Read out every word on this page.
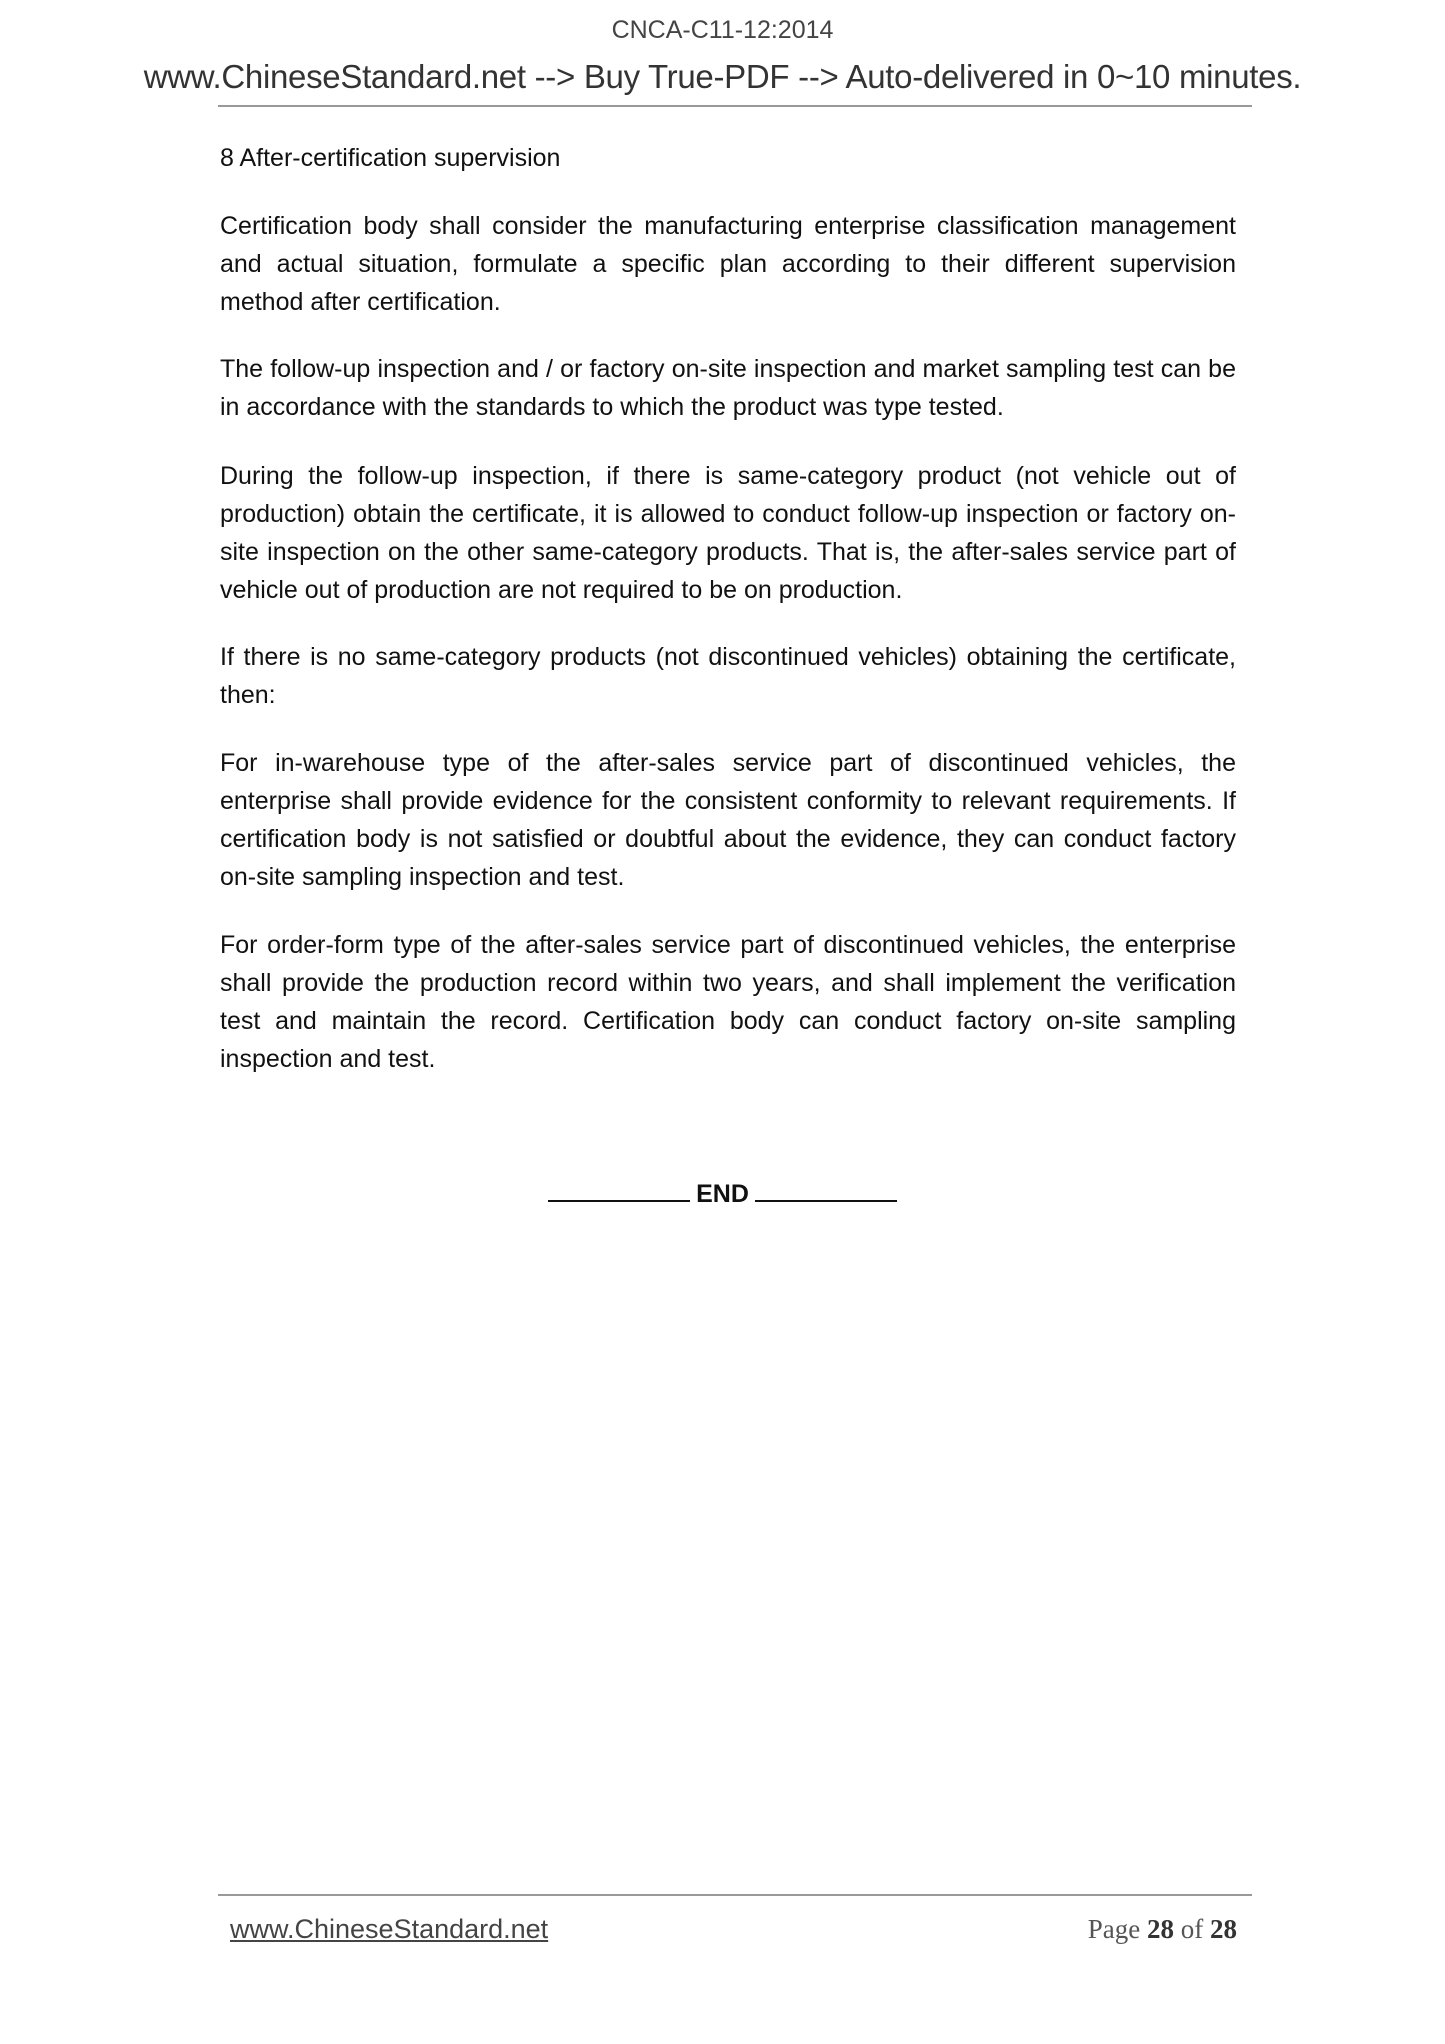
CNCA-C11-12:2014
www.ChineseStandard.net --> Buy True-PDF --> Auto-delivered in 0~10 minutes.

8 After-certification supervision

Certification body shall consider the manufacturing enterprise classification management and actual situation, formulate a specific plan according to their different supervision method after certification.

The follow-up inspection and / or factory on-site inspection and market sampling test can be in accordance with the standards to which the product was type tested.

During the follow-up inspection, if there is same-category product (not vehicle out of production) obtain the certificate, it is allowed to conduct follow-up inspection or factory on-site inspection on the other same-category products. That is, the after-sales service part of vehicle out of production are not required to be on production.

If there is no same-category products (not discontinued vehicles) obtaining the certificate, then:

For in-warehouse type of the after-sales service part of discontinued vehicles, the enterprise shall provide evidence for the consistent conformity to relevant requirements. If certification body is not satisfied or doubtful about the evidence, they can conduct factory on-site sampling inspection and test.

For order-form type of the after-sales service part of discontinued vehicles, the enterprise shall provide the production record within two years, and shall implement the verification test and maintain the record. Certification body can conduct factory on-site sampling inspection and test.

END
www.ChineseStandard.net	Page 28 of 28
